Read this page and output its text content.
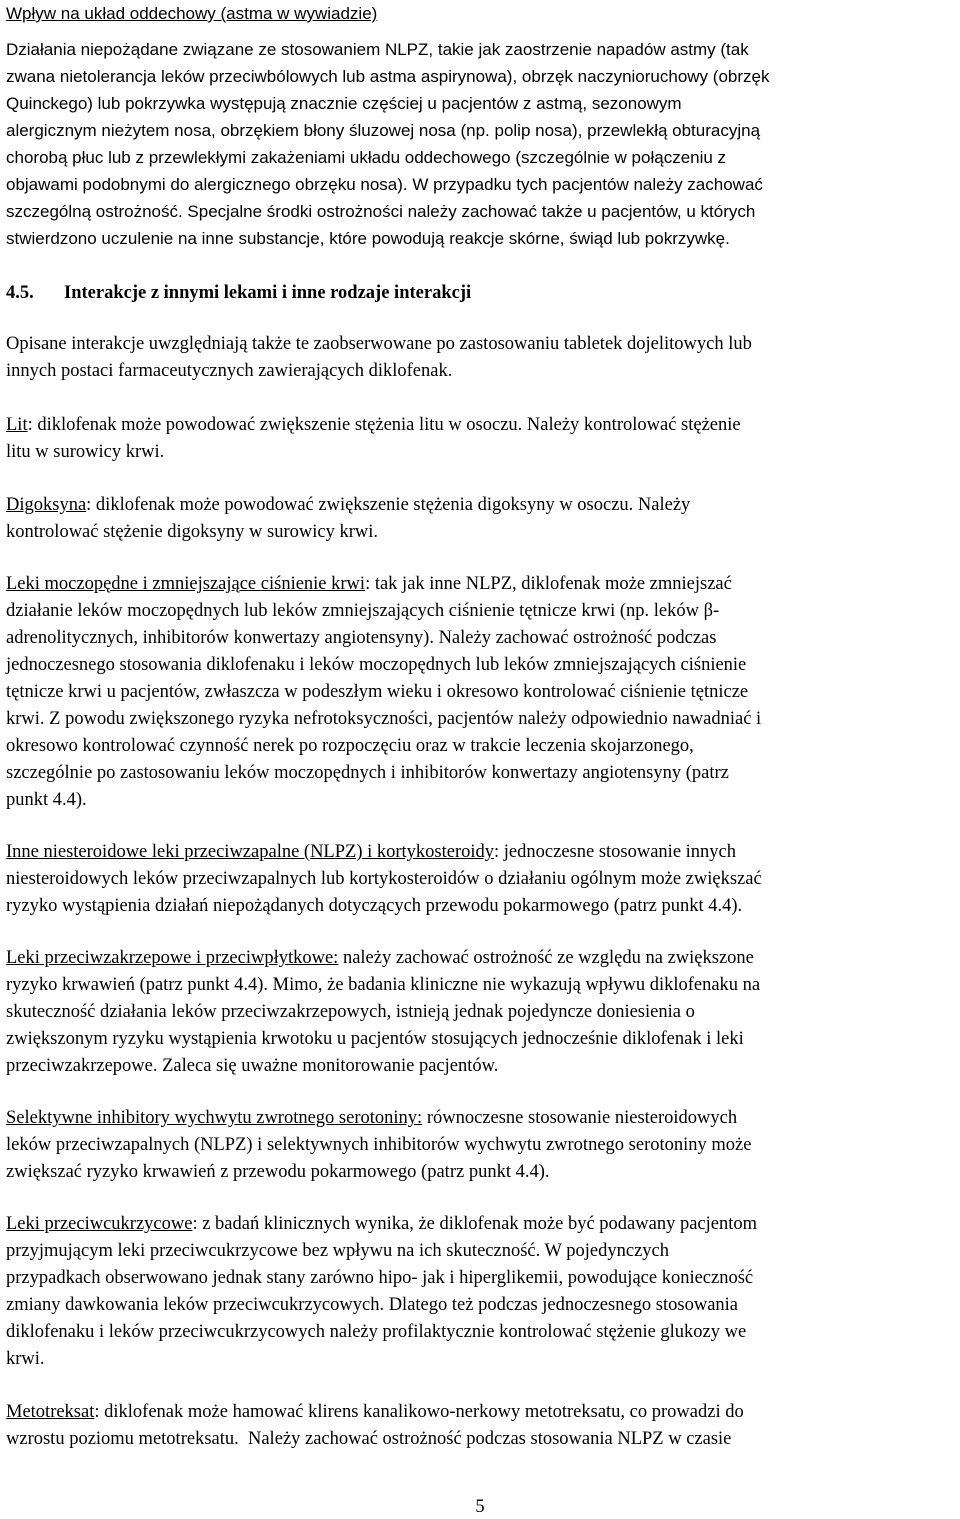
Wpływ na układ oddechowy (astma w wywiadzie)

Działania niepożądane związane ze stosowaniem NLPZ, takie jak zaostrzenie napadów astmy (tak
zwana nietolerancja leków przeciwbólowych lub astma aspirynowa), obrzęk naczynioruchowy (obrzęk
Quinckego) lub pokrzywka występują znacznie częściej u pacjentów z astmą, sezonowym
alergicznym nieżytem nosa, obrzękiem błony śluzowej nosa (np. polip nosa), przewlekłą obturacyjną
chorobą płuc lub z przewlekłymi zakażeniami układu oddechowego (szczególnie w połączeniu z
objawami podobnymi do alergicznego obrzęku nosa). W przypadku tych pacjentów należy zachować
szczególną ostrożność. Specjalne środki ostrożności należy zachować także u pacjentów, u których
stwierdzono uczulenie na inne substancje, które powodują reakcje skórne, świąd lub pokrzywkę.
4.5. Interakcje z innymi lekami i inne rodzaje interakcji
Opisane interakcje uwzględniają także te zaobserwowane po zastosowaniu tabletek dojelitowych lub
innych postaci farmaceutycznych zawierających diklofenak.
Lit: diklofenak może powodować zwiększenie stężenia litu w osoczu. Należy kontrolować stężenie
litu w surowicy krwi.
Digoksyna: diklofenak może powodować zwiększenie stężenia digoksyny w osoczu. Należy
kontrolować stężenie digoksyny w surowicy krwi.
Leki moczopędne i zmniejszające ciśnienie krwi: tak jak inne NLPZ, diklofenak może zmniejszać
działanie leków moczopędnych lub leków zmniejszających ciśnienie tętnicze krwi (np. leków β-
adrenolitycznych, inhibitorów konwertazy angiotensyny). Należy zachować ostrożność podczas
jednoczesnego stosowania diklofenaku i leków moczopędnych lub leków zmniejszających ciśnienie
tętnicze krwi u pacjentów, zwłaszcza w podeszłym wieku i okresowo kontrolować ciśnienie tętnicze
krwi. Z powodu zwiększonego ryzyka nefrotoksyczności, pacjentów należy odpowiednio nawadniać i
okresowo kontrolować czynność nerek po rozpoczęciu oraz w trakcie leczenia skojarzonego,
szczególnie po zastosowaniu leków moczopędnych i inhibitorów konwertazy angiotensyny (patrz
punkt 4.4).
Inne niesteroidowe leki przeciwzapalne (NLPZ) i kortykosteroidy: jednoczesne stosowanie innych
niesteroidowych leków przeciwzapalnych lub kortykosteroidów o działaniu ogólnym może zwiększać
ryzyko wystąpienia działań niepożądanych dotyczących przewodu pokarmowego (patrz punkt 4.4).
Leki przeciwzakrzepowe i przeciwpłytkowe: należy zachować ostrożność ze względu na zwiększone
ryzyko krwawień (patrz punkt 4.4). Mimo, że badania kliniczne nie wykazują wpływu diklofenaku na
skuteczność działania leków przeciwzakrzepowych, istnieją jednak pojedyncze doniesienia o
zwiększonym ryzyku wystąpienia krwotoku u pacjentów stosujących jednocześnie diklofenak i leki
przeciwzakrzepowe. Zaleca się uważne monitorowanie pacjentów.
Selektywne inhibitory wychwytu zwrotnego serotoniny: równoczesne stosowanie niesteroidowych
leków przeciwzapalnych (NLPZ) i selektywnych inhibitorów wychwytu zwrotnego serotoniny może
zwiększać ryzyko krwawień z przewodu pokarmowego (patrz punkt 4.4).
Leki przeciwcukrzycowe: z badań klinicznych wynika, że diklofenak może być podawany pacjentom
przyjmującym leki przeciwcukrzycowe bez wpływu na ich skuteczność. W pojedynczych
przypadkach obserwowano jednak stany zarówno hipo- jak i hiperglikemii, powodujące konieczność
zmiany dawkowania leków przeciwcukrzycowych. Dlatego też podczas jednoczesnego stosowania
diklofenaku i leków przeciwcukrzycowych należy profilaktycznie kontrolować stężenie glukozy we
krwi.
Metotreksat: diklofenak może hamować klirens kanalikowo-nerkowy metotreksatu, co prowadzi do
wzrostu poziomu metotreksatu.  Należy zachować ostrożność podczas stosowania NLPZ w czasie

5
